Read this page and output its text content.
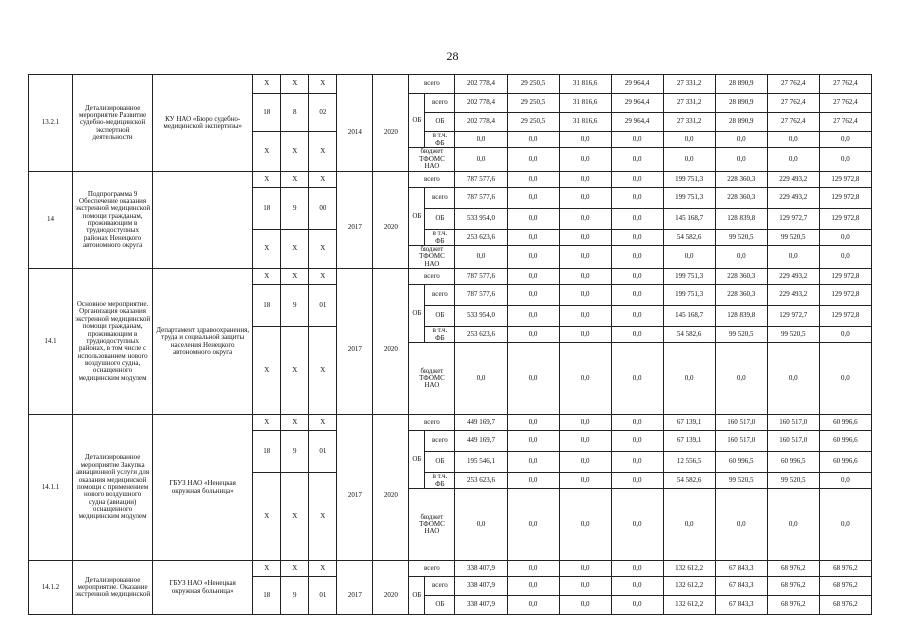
28
13.2.1	Детализированное мероприятие Развитие судебно-медицинской экспертной деятельности	КУ НАО «Бюро судебно-медицинской экспертизы»	Х	Х	Х			всего		202 778,4	29 250,5	31 816,6	29 964,4	27 331,2	28 890,9	27 762,4	27 762,4
			18	8	02	2014	2020	ОБ	всего	202 778,4	29 250,5	31 816,6	29 964,4	27 331,2	28 890,9	27 762,4	27 762,4
									ОБ	202 778,4	29 250,5	31 816,6	29 964,4	27 331,2	28 890,9	27 762,4	27 762,4
			Х	Х	Х				в т.ч. ФБ	0,0	0,0	0,0	0,0	0,0	0,0	0,0	0,0
								бюджет ТФОМС НАО		0,0	0,0	0,0	0,0	0,0	0,0	0,0	0,0
14	Подпрограмма 9 Обеспечение оказания экстренной медицинской помощи гражданам, проживающим в труднодоступных районах Ненецкого автономного округа		Х	Х	Х			всего		787 577,6	0,0	0,0	0,0	199 751,3	228 360,3	229 493,2	129 972,8
			18	9	00	2017	2020	ОБ	всего	787 577,6	0,0	0,0	0,0	199 751,3	228 360,3	229 493,2	129 972,8
									ОБ	533 954,0	0,0	0,0	0,0	145 168,7	128 839,8	129 972,7	129 972,8
			Х	Х	Х				в т.ч. ФБ	253 623,6	0,0	0,0	0,0	54 582,6	99 520,5	99 520,5	0,0
								бюджет ТФОМС НАО		0,0	0,0	0,0	0,0	0,0	0,0	0,0	0,0
14.1	Основное мероприятие. Организация оказания экстренной медицинской помощи гражданам, проживающим в труднодоступных районах, в том числе с использованием нового воздушного судна, оснащенного медицинским модулем	Департамент здравоохранения, труда и социальной защиты населения Ненецкого автономного округа	Х	Х	Х			всего		787 577,6	0,0	0,0	0,0	199 751,3	228 360,3	229 493,2	129 972,8
			18	9	01	2017	2020	ОБ	всего	787 577,6	0,0	0,0	0,0	199 751,3	228 360,3	229 493,2	129 972,8
									ОБ	533 954,0	0,0	0,0	0,0	145 168,7	128 839,8	129 972,7	129 972,8
			Х	Х	Х				в т.ч. ФБ	253 623,6	0,0	0,0	0,0	54 582,6	99 520,5	99 520,5	0,0
								бюджет ТФОМС НАО		0,0	0,0	0,0	0,0	0,0	0,0	0,0	0,0
14.1.1	Детализированное мероприятие Закупка авиационной услуги для оказания медицинской помощи с применением нового воздушного судна (авиации) оснащенного медицинским модулем	ГБУЗ НАО «Ненецкая окружная больница»	Х	Х	Х			всего		449 169,7	0,0	0,0	0,0	67 139,1	160 517,0	160 517,0	60 996,6
			18	9	01	2017	2020	ОБ	всего	449 169,7	0,0	0,0	0,0	67 139,1	160 517,0	160 517,0	60 996,6
									ОБ	195 546,1	0,0	0,0	0,0	12 556,5	60 996,5	60 996,5	60 996,6
			Х	Х	Х				в т.ч. ФБ	253 623,6	0,0	0,0	0,0	54 582,6	99 520,5	99 520,5	0,0
								бюджет ТФОМС НАО		0,0	0,0	0,0	0,0	0,0	0,0	0,0	0,0
14.1.2	Детализированное мероприятие. Оказание экстренной медицинской	ГБУЗ НАО «Ненецкая окружная больница»	Х	Х	Х			всего		338 407,9	0,0	0,0	0,0	132 612,2	67 843,3	68 976,2	68 976,2
			18	9	01	2017	2020	ОБ	всего	338 407,9	0,0	0,0	0,0	132 612,2	67 843,3	68 976,2	68 976,2
									ОБ	338 407,9	0,0	0,0	0,0	132 612,2	67 843,3	68 976,2	68 976,2
